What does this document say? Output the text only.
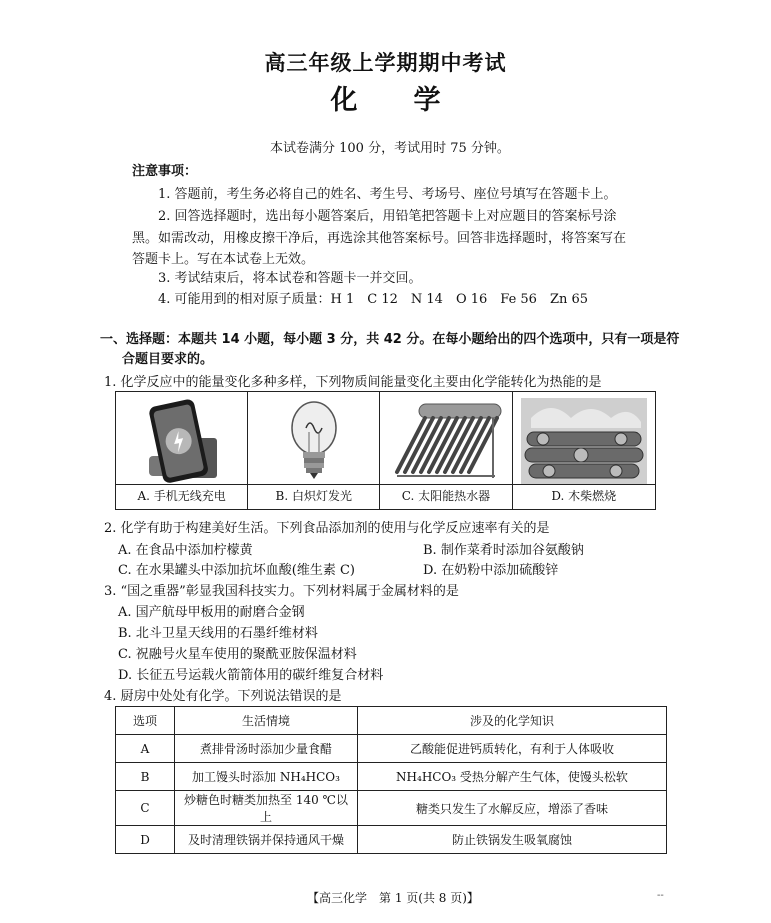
高三年级上学期期中考试
化 学
本试卷满分 100 分，考试用时 75 分钟。
注意事项：
1. 答题前，考生务必将自己的姓名、考生号、考场号、座位号填写在答题卡上。
2. 回答选择题时，选出每小题答案后，用铅笔把答题卡上对应题目的答案标号涂
黑。如需改动，用橡皮擦干净后，再选涂其他答案标号。回答非选择题时，将答案写在
答题卡上。写在本试卷上无效。
3. 考试结束后，将本试卷和答题卡一并交回。
4. 可能用到的相对原子质量：H 1　C 12　N 14　O 16　Fe 56　Zn 65
一、选择题：本题共 14 小题，每小题 3 分，共 42 分。在每小题给出的四个选项中，只有一项是符
合题目要求的。
1. 化学反应中的能量变化多种多样，下列物质间能量变化主要由化学能转化为热能的是
A. 手机无线充电	B. 白炽灯发光	C. 太阳能热水器	D. 木柴燃烧
2. 化学有助于构建美好生活。下列食品添加剂的使用与化学反应速率有关的是
A. 在食品中添加柠檬黄	B. 制作菜肴时添加谷氨酸钠
C. 在水果罐头中添加抗坏血酸(维生素 C)	D. 在奶粉中添加硫酸锌
3. “国之重器”彰显我国科技实力。下列材料属于金属材料的是
A. 国产航母甲板用的耐磨合金钢
B. 北斗卫星天线用的石墨纤维材料
C. 祝融号火星车使用的聚酰亚胺保温材料
D. 长征五号运载火箭箭体用的碳纤维复合材料
4. 厨房中处处有化学。下列说法错误的是
选项	生活情境	涉及的化学知识
A	煮排骨汤时添加少量食醋	乙酸能促进钙质转化，有利于人体吸收
B	加工馒头时添加 NH₄HCO₃	NH₄HCO₃ 受热分解产生气体，使馒头松软
C	炒糖色时糖类加热至 140 ℃以上	糖类只发生了水解反应，增添了香味
D	及时清理铁锅并保持通风干燥	防止铁锅发生吸氧腐蚀
【高三化学　第 1 页(共 8 页)】	--
